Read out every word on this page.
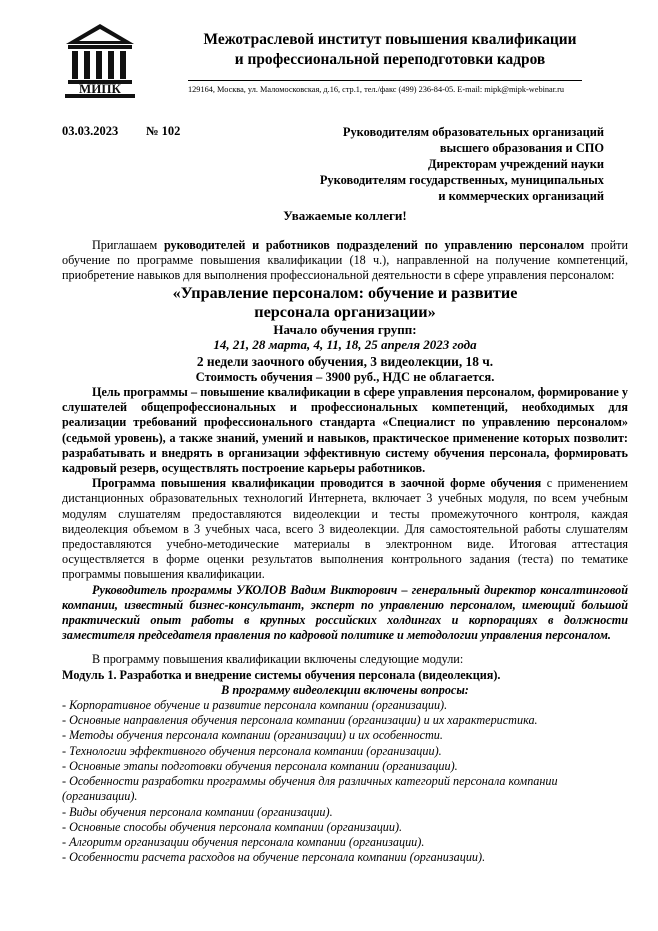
МИПК
Межотраслевой институт повышения квалификации
и профессиональной переподготовки кадров
129164, Москва, ул. Маломосковская, д.16, стр.1, тел./факс (499) 236-84-05. E-mail: mipk@mipk-webinar.ru
03.03.2023 № 102	Руководителям образовательных организаций
высшего образования и СПО
Директорам учреждений науки
Руководителям государственных, муниципальных
и коммерческих организаций
Уважаемые коллеги!

Приглашаем руководителей и работников подразделений по управлению персоналом пройти обучение по программе повышения квалификации (18 ч.), направленной на получение компетенций, приобретение навыков для выполнения профессиональной деятельности в сфере управления персоналом:

«Управление персоналом: обучение и развитие

персонала организации»

Начало обучения групп:

14, 21, 28 марта, 4, 11, 18, 25 апреля 2023 года

2 недели заочного обучения, 3 видеолекции, 18 ч.

Стоимость обучения – 3900 руб., НДС не облагается.

Цель программы – повышение квалификации в сфере управления персоналом, формирование у слушателей общепрофессиональных и профессиональных компетенций, необходимых для реализации требований профессионального стандарта «Специалист по управлению персоналом» (седьмой уровень), а также знаний, умений и навыков, практическое применение которых позволит: разрабатывать и внедрять в организации эффективную систему обучения персонала, формировать кадровый резерв, осуществлять построение карьеры работников.

Программа повышения квалификации проводится в заочной форме обучения с применением дистанционных образовательных технологий Интернета, включает 3 учебных модуля, по всем учебным модулям слушателям предоставляются видеолекции и тесты промежуточного контроля, каждая видеолекция объемом в 3 учебных часа, всего 3 видеолекции. Для самостоятельной работы слушателям предоставляются учебно-методические материалы в электронном виде. Итоговая аттестация осуществляется в форме оценки результатов выполнения контрольного задания (теста) по тематике программы повышения квалификации.

Руководитель программы УКОЛОВ Вадим Викторович – генеральный директор консалтинговой компании, известный бизнес-консультант, эксперт по управлению персоналом, имеющий большой практический опыт работы в крупных российских холдингах и корпорациях в должности заместителя председателя правления по кадровой политике и методологии управления персоналом.

В программу повышения квалификации включены следующие модули:

Модуль 1. Разработка и внедрение системы обучения персонала (видеолекция).

В программу видеолекции включены вопросы:

- Корпоративное обучение и развитие персонала компании (организации).

- Основные направления обучения персонала компании (организации) и их характеристика.

- Методы обучения персонала компании (организации) и их особенности.

- Технологии эффективного обучения персонала компании (организации).

- Основные этапы подготовки обучения персонала компании (организации).

- Особенности разработки программы обучения для различных категорий персонала компании (организации).

- Виды обучения персонала компании (организации).

- Основные способы обучения персонала компании (организации).

- Алгоритм организации обучения персонала компании (организации).

- Особенности расчета расходов на обучение персонала компании (организации).
